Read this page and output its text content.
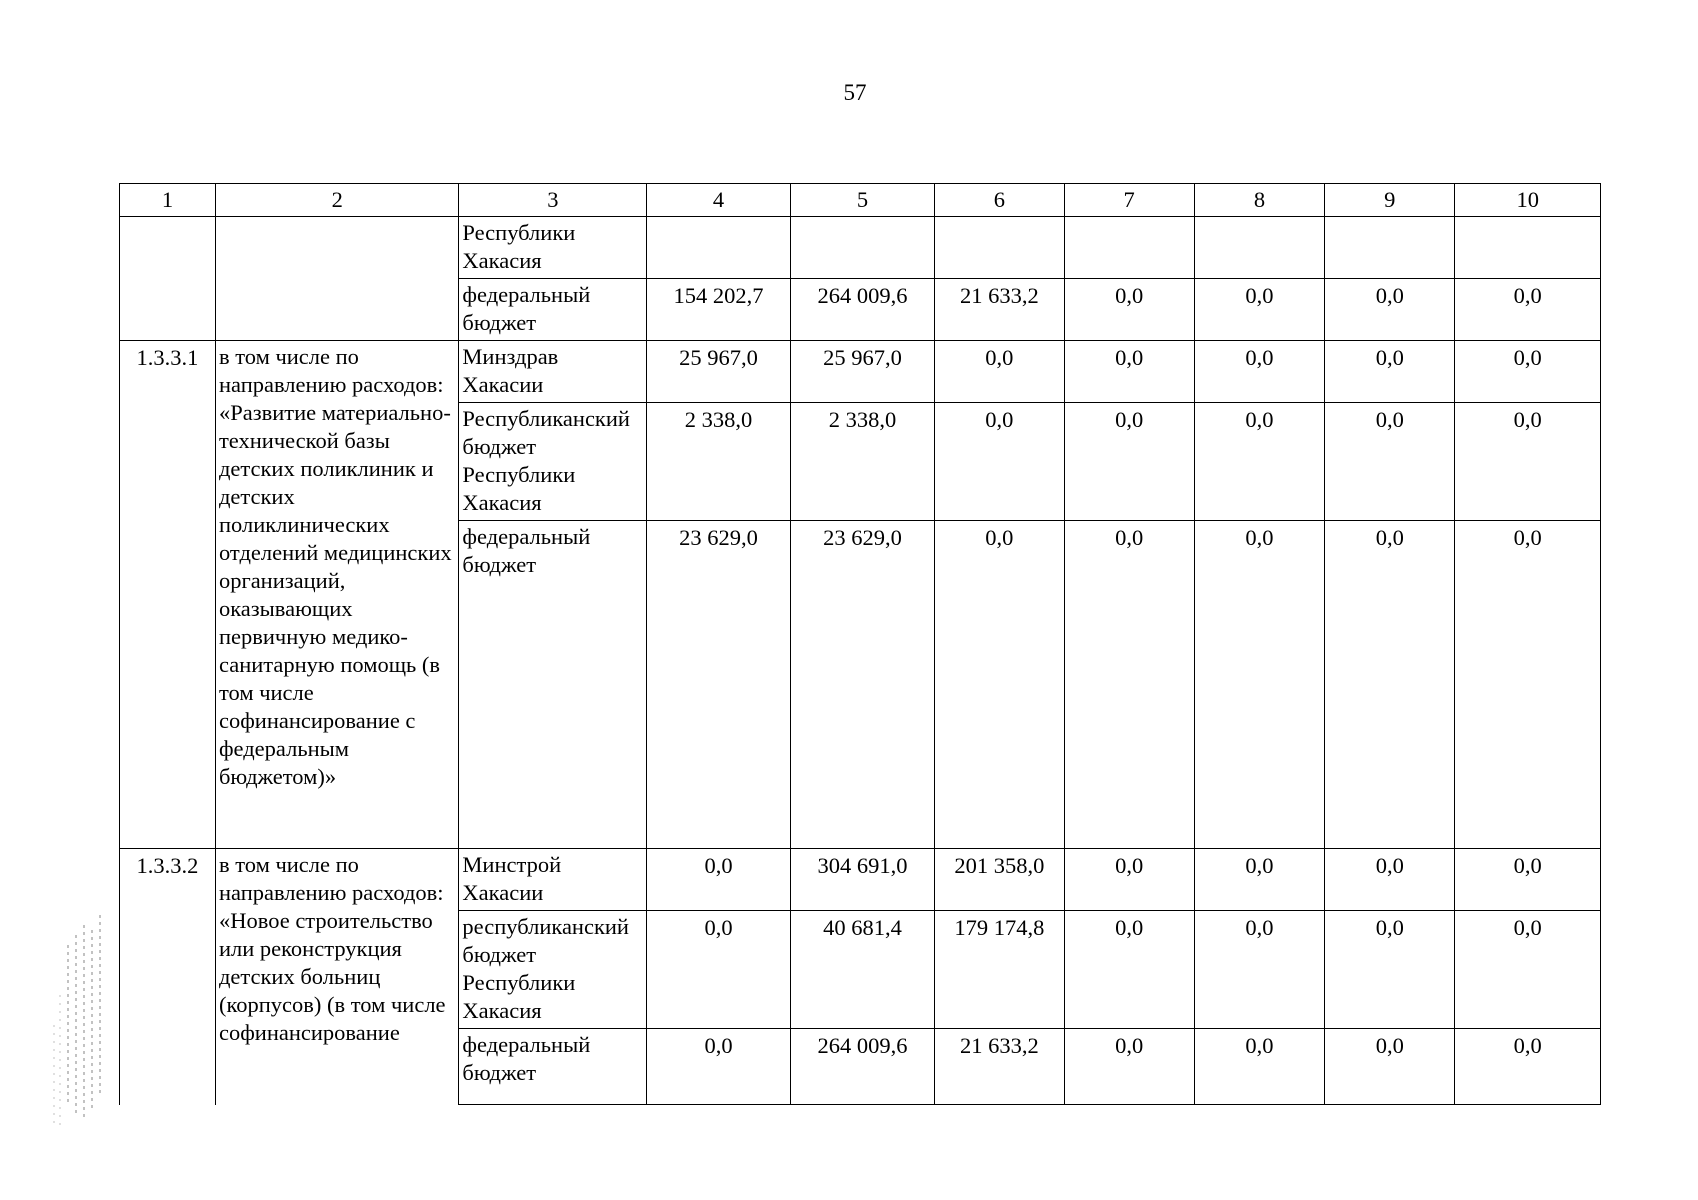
57
1	2	3	4	5	6	7	8	9	10
		Республики Хакасия							
		федеральный бюджет	154 202,7	264 009,6	21 633,2	0,0	0,0	0,0	0,0
1.3.3.1	в том числе по направлению расходов: «Развитие материально-технической базы детских поликлиник и детских поликлинических отделений медицинских организаций, оказывающих первичную медико-санитарную помощь (в том числе софинансирование с федеральным бюджетом)»	Минздрав Хакасии	25 967,0	25 967,0	0,0	0,0	0,0	0,0	0,0
		Республиканский бюджет Республики Хакасия	2 338,0	2 338,0	0,0	0,0	0,0	0,0	0,0
		федеральный бюджет	23 629,0	23 629,0	0,0	0,0	0,0	0,0	0,0
1.3.3.2	в том числе по направлению расходов: «Новое строительство или реконструкция детских больниц (корпусов) (в том числе софинансирование	Минстрой Хакасии	0,0	304 691,0	201 358,0	0,0	0,0	0,0	0,0
		республиканский бюджет Республики Хакасия	0,0	40 681,4	179 174,8	0,0	0,0	0,0	0,0
		федеральный бюджет	0,0	264 009,6	21 633,2	0,0	0,0	0,0	0,0
